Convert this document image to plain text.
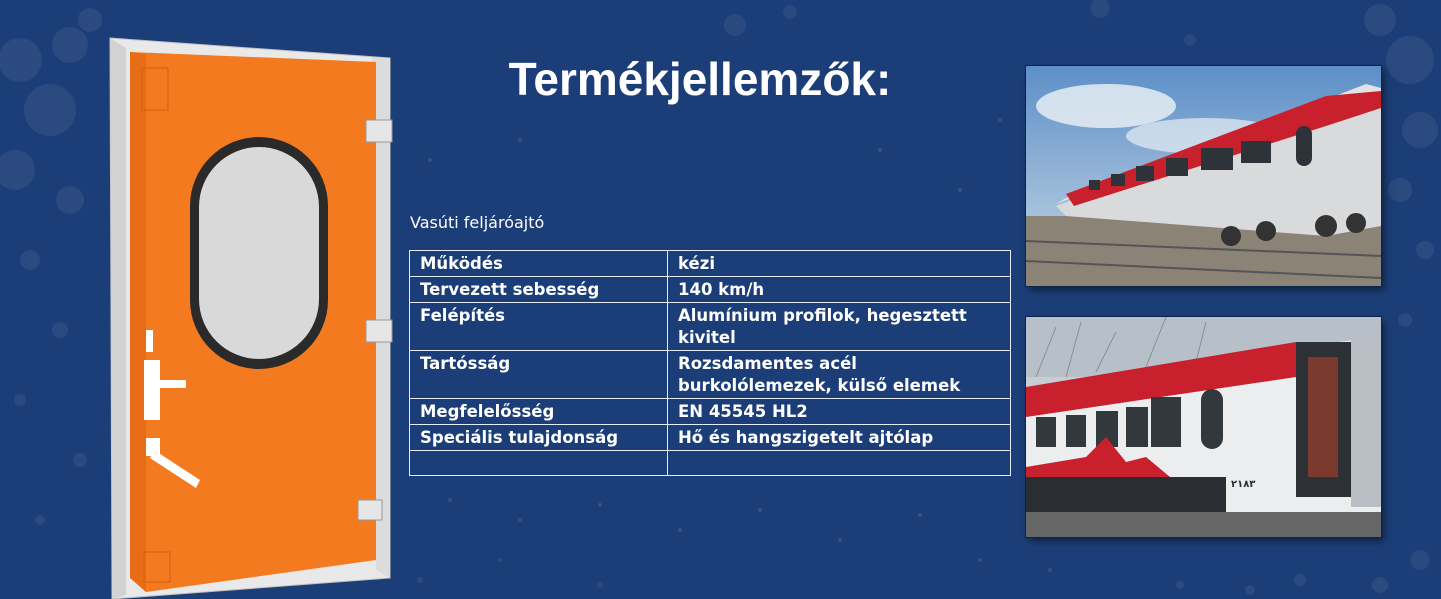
Termékjellemzők:
Vasúti feljáróajtó
Működés	kézi
Tervezett sebesség	140 km/h
Felépítés	Alumínium profilok, hegesztett kivitel
Tartósság	Rozsdamentes acél burkolólemezek, külső elemek
Megfelelősség	EN 45545 HL2
Speciális tulajdonság	Hő és hangszigetelt ajtólap

٢١٨٣
